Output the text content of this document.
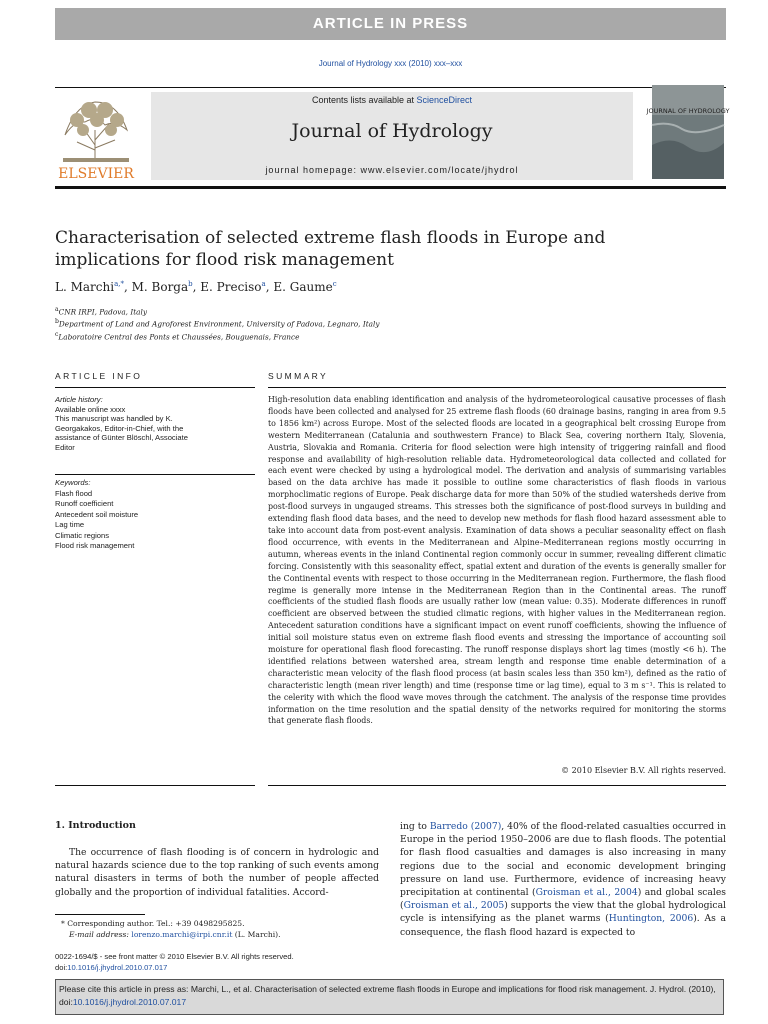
ARTICLE IN PRESS
Journal of Hydrology xxx (2010) xxx–xxx
ELSEVIER
Contents lists available at ScienceDirect
Journal of Hydrology
journal homepage: www.elsevier.com/locate/jhydrol
JOURNAL OF HYDROLOGY
Characterisation of selected extreme flash floods in Europe and implications for flood risk management
L. Marchi$^{a,*}$, M. Borga$^b$, E. Preciso$^a$, E. Gaume$^c$
$^a$CNR IRPI, Padova, Italy
$^b$Department of Land and Agroforest Environment, University of Padova, Legnaro, Italy
$^c$Laboratoire Central des Ponts et Chaussées, Bouguenais, France
ARTICLE INFO	SUMMARY
Article history:
Available online xxxx
This manuscript was handled by K.
Georgakakos, Editor-in-Chief, with the
assistance of Günter Blöschl, Associate
Editor
Keywords:
Flash flood
Runoff coefficient
Antecedent soil moisture
Lag time
Climatic regions
Flood risk management
High-resolution data enabling identification and analysis of the hydrometeorological causative processes of flash floods have been collected and analysed for 25 extreme flash floods (60 drainage basins, ranging in area from 9.5 to 1856 km²) across Europe. Most of the selected floods are located in a geographical belt crossing Europe from western Mediterranean (Catalunia and southwestern France) to Black Sea, covering northern Italy, Slovenia, Austria, Slovakia and Romania. Criteria for flood selection were high intensity of triggering rainfall and flood response and availability of high-resolution reliable data. Hydrometeorological data collected and collated for each event were checked by using a hydrological model. The derivation and analysis of summarising variables based on the data archive has made it possible to outline some characteristics of flash floods in various morphoclimatic regions of Europe. Peak discharge data for more than 50% of the studied watersheds derive from post-flood surveys in ungauged streams. This stresses both the significance of post-flood surveys in building and extending flash flood data bases, and the need to develop new methods for flash flood hazard assessment able to take into account data from post-event analysis. Examination of data shows a peculiar seasonality effect on flash flood occurrence, with events in the Mediterranean and Alpine–Mediterranean regions mostly occurring in autumn, whereas events in the inland Continental region commonly occur in summer, revealing different climatic forcing. Consistently with this seasonality effect, spatial extent and duration of the events is generally smaller for the Continental events with respect to those occurring in the Mediterranean region. Furthermore, the flash flood regime is generally more intense in the Mediterranean Region than in the Continental areas. The runoff coefficients of the studied flash floods are usually rather low (mean value: 0.35). Moderate differences in runoff coefficient are observed between the studied climatic regions, with higher values in the Mediterranean region. Antecedent saturation conditions have a significant impact on event runoff coefficients, showing the influence of initial soil moisture status even on extreme flash flood events and stressing the importance of accounting soil moisture for operational flash flood forecasting. The runoff response displays short lag times (mostly <6 h). The identified relations between watershed area, stream length and response time enable determination of a characteristic mean velocity of the flash flood process (at basin scales less than 350 km²), defined as the ratio of characteristic length (mean river length) and time (response time or lag time), equal to 3 m s⁻¹. This is related to the celerity with which the flood wave moves through the catchment. The analysis of the response time provides information on the time resolution and the spatial density of the networks required for monitoring the storms that generate flash floods.
© 2010 Elsevier B.V. All rights reserved.
1. Introduction
The occurrence of flash flooding is of concern in hydrologic and natural hazards science due to the top ranking of such events among natural disasters in terms of both the number of people affected globally and the proportion of individual fatalities. Accord-
ing to Barredo (2007), 40% of the flood-related casualties occurred in Europe in the period 1950–2006 are due to flash floods. The potential for flash flood casualties and damages is also increasing in many regions due to the social and economic development bringing pressure on land use. Furthermore, evidence of increasing heavy precipitation at continental (Groisman et al., 2004) and global scales (Groisman et al., 2005) supports the view that the global hydrological cycle is intensifying as the planet warms (Huntington, 2006). As a consequence, the flash flood hazard is expected to
* Corresponding author. Tel.: +39 0498295825.
E-mail address: lorenzo.marchi@irpi.cnr.it (L. Marchi).
0022-1694/$ - see front matter © 2010 Elsevier B.V. All rights reserved.
doi:10.1016/j.jhydrol.2010.07.017
Please cite this article in press as: Marchi, L., et al. Characterisation of selected extreme flash floods in Europe and implications for flood risk management. J. Hydrol. (2010), doi:10.1016/j.jhydrol.2010.07.017
